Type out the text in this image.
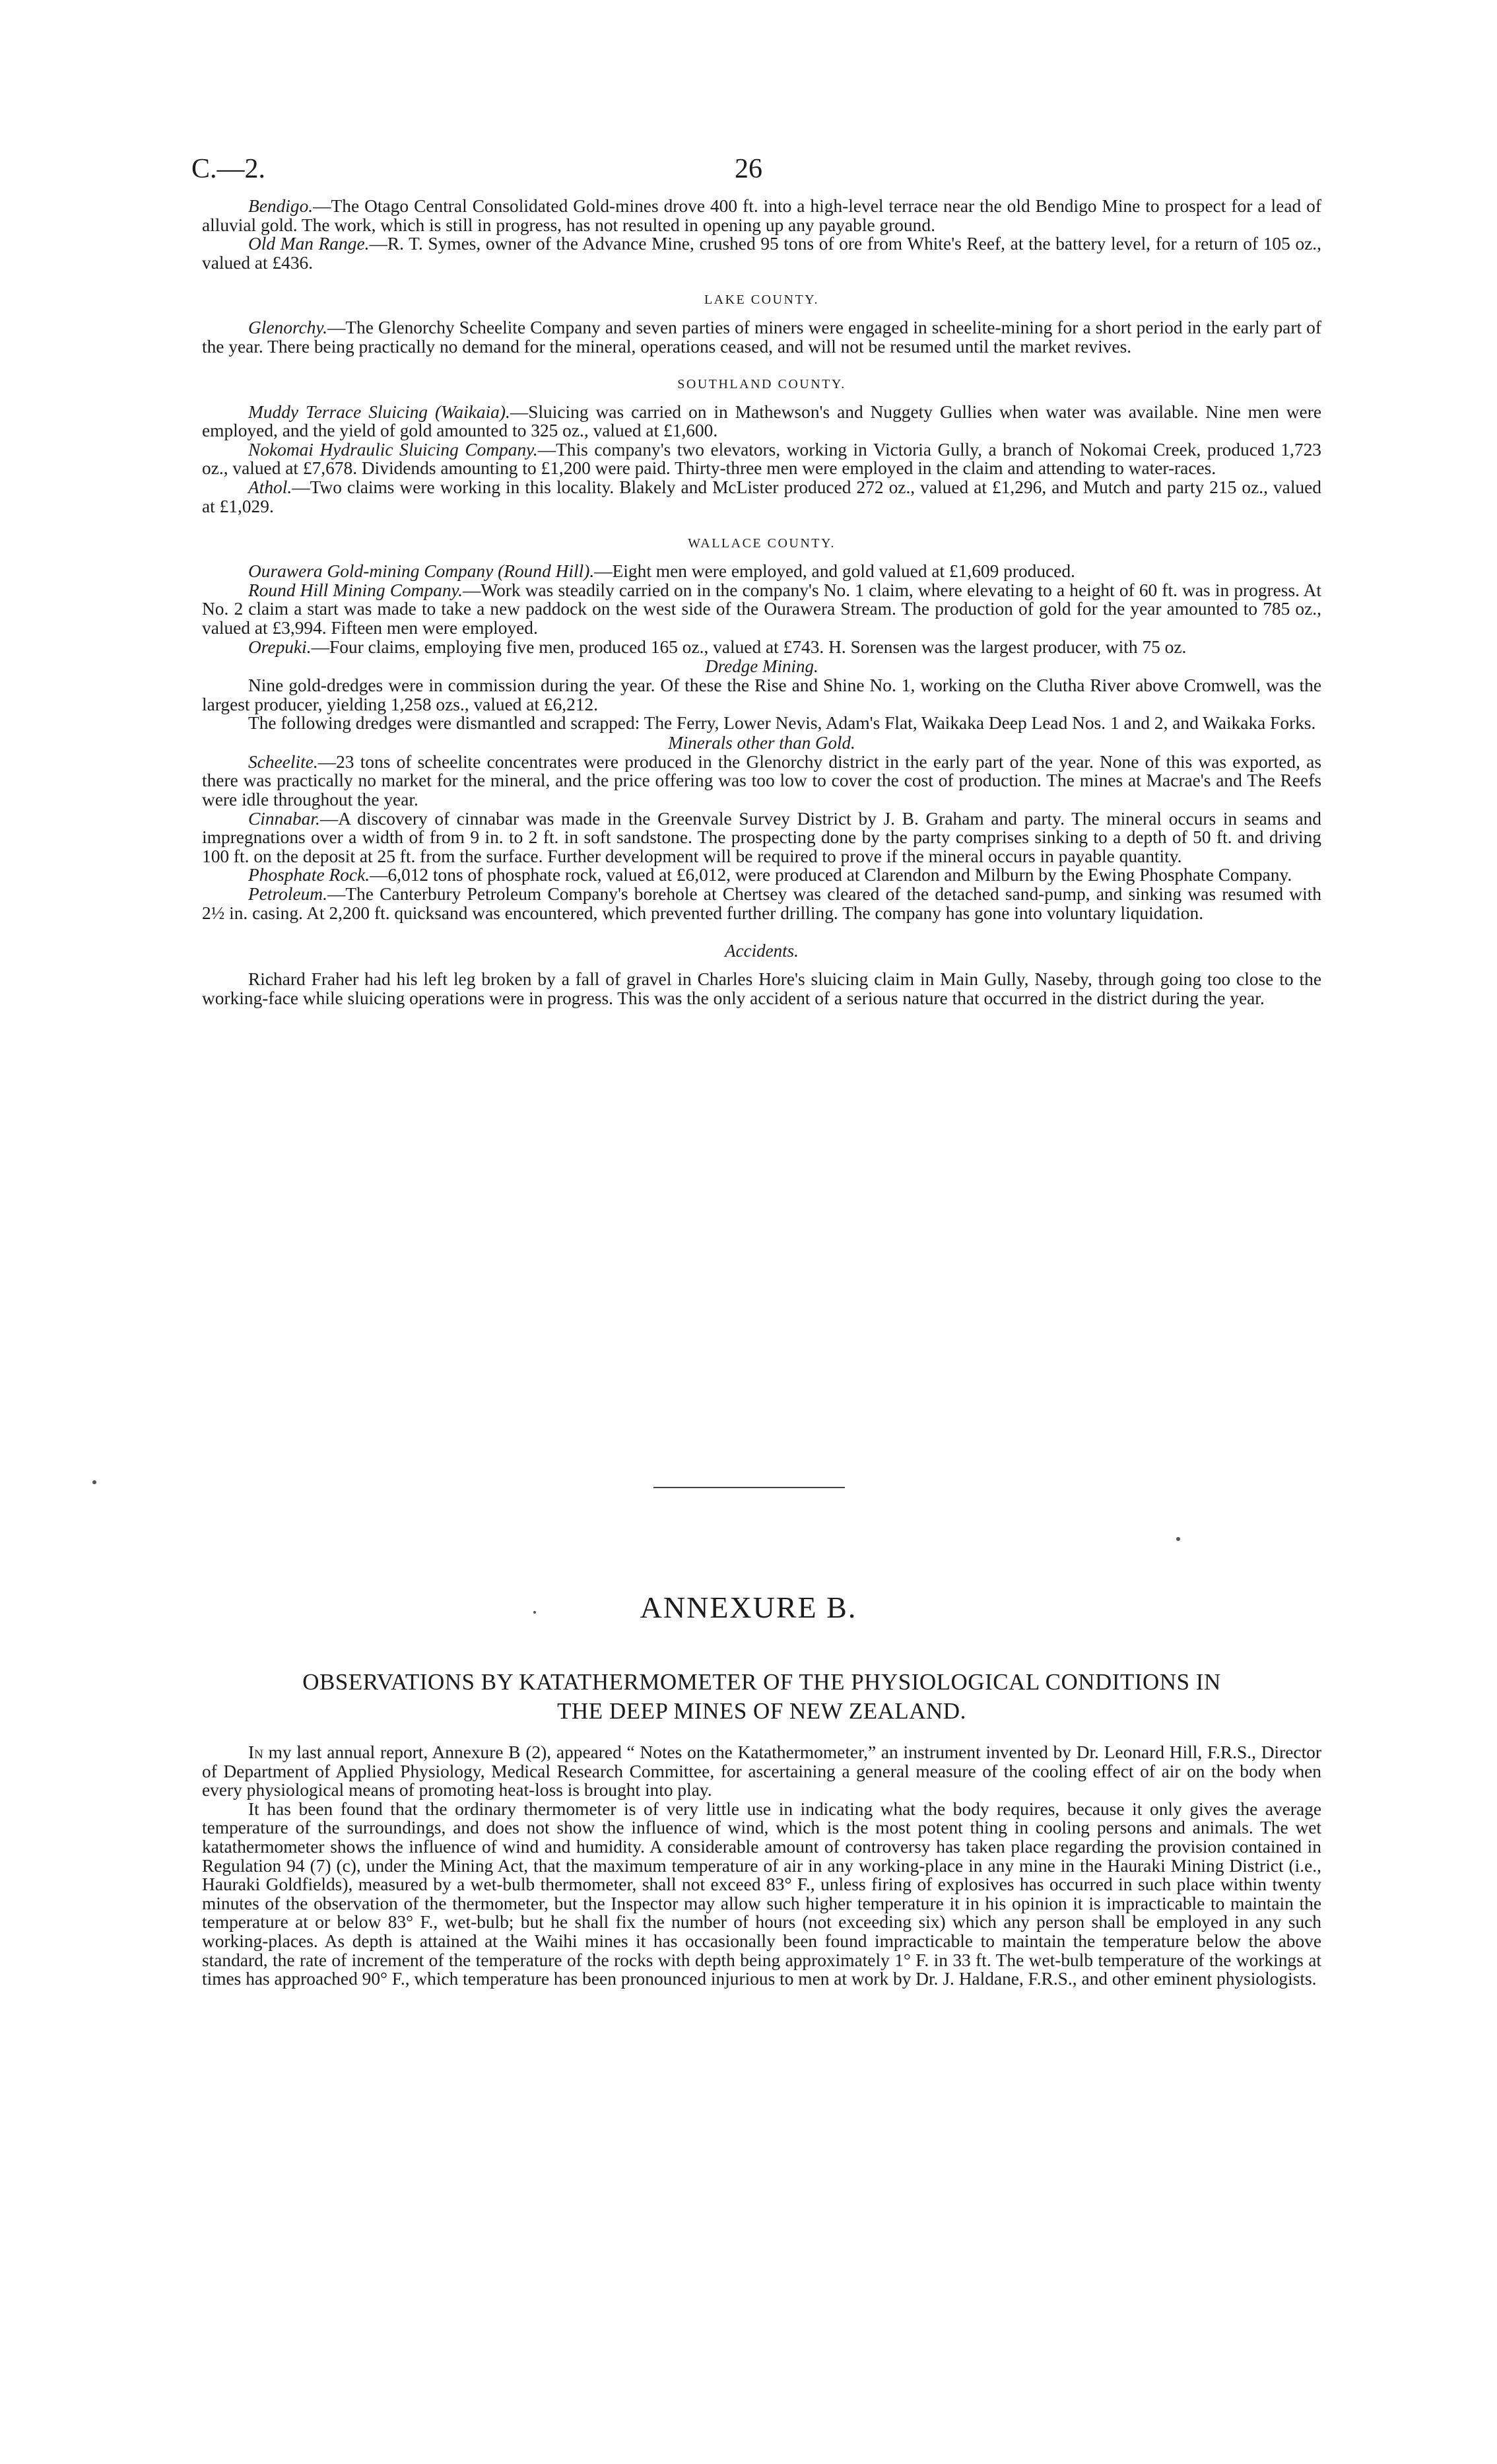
C.—2.	26

Bendigo.—The Otago Central Consolidated Gold-mines drove 400 ft. into a high-level terrace near the old Bendigo Mine to prospect for a lead of alluvial gold. The work, which is still in progress, has not resulted in opening up any payable ground.

Old Man Range.—R. T. Symes, owner of the Advance Mine, crushed 95 tons of ore from White's Reef, at the battery level, for a return of 105 oz., valued at £436.

LAKE COUNTY.

Glenorchy.—The Glenorchy Scheelite Company and seven parties of miners were engaged in scheelite-mining for a short period in the early part of the year. There being practically no demand for the mineral, operations ceased, and will not be resumed until the market revives.

SOUTHLAND COUNTY.

Muddy Terrace Sluicing (Waikaia).—Sluicing was carried on in Mathewson's and Nuggety Gullies when water was available. Nine men were employed, and the yield of gold amounted to 325 oz., valued at £1,600.

Nokomai Hydraulic Sluicing Company.—This company's two elevators, working in Victoria Gully, a branch of Nokomai Creek, produced 1,723 oz., valued at £7,678. Dividends amounting to £1,200 were paid. Thirty-three men were employed in the claim and attending to water-races.

Athol.—Two claims were working in this locality. Blakely and McLister produced 272 oz., valued at £1,296, and Mutch and party 215 oz., valued at £1,029.

WALLACE COUNTY.

Ourawera Gold-mining Company (Round Hill).—Eight men were employed, and gold valued at £1,609 produced.

Round Hill Mining Company.—Work was steadily carried on in the company's No. 1 claim, where elevating to a height of 60 ft. was in progress. At No. 2 claim a start was made to take a new paddock on the west side of the Ourawera Stream. The production of gold for the year amounted to 785 oz., valued at £3,994. Fifteen men were employed.

Orepuki.—Four claims, employing five men, produced 165 oz., valued at £743. H. Sorensen was the largest producer, with 75 oz.

Dredge Mining.

Nine gold-dredges were in commission during the year. Of these the Rise and Shine No. 1, working on the Clutha River above Cromwell, was the largest producer, yielding 1,258 ozs., valued at £6,212.

The following dredges were dismantled and scrapped: The Ferry, Lower Nevis, Adam's Flat, Waikaka Deep Lead Nos. 1 and 2, and Waikaka Forks.

Minerals other than Gold.

Scheelite.—23 tons of scheelite concentrates were produced in the Glenorchy district in the early part of the year. None of this was exported, as there was practically no market for the mineral, and the price offering was too low to cover the cost of production. The mines at Macrae's and The Reefs were idle throughout the year.

Cinnabar.—A discovery of cinnabar was made in the Greenvale Survey District by J. B. Graham and party. The mineral occurs in seams and impregnations over a width of from 9 in. to 2 ft. in soft sandstone. The prospecting done by the party comprises sinking to a depth of 50 ft. and driving 100 ft. on the deposit at 25 ft. from the surface. Further development will be required to prove if the mineral occurs in payable quantity.

Phosphate Rock.—6,012 tons of phosphate rock, valued at £6,012, were produced at Clarendon and Milburn by the Ewing Phosphate Company.

Petroleum.—The Canterbury Petroleum Company's borehole at Chertsey was cleared of the detached sand-pump, and sinking was resumed with 2½ in. casing. At 2,200 ft. quicksand was encountered, which prevented further drilling. The company has gone into voluntary liquidation.

Accidents.

Richard Fraher had his left leg broken by a fall of gravel in Charles Hore's sluicing claim in Main Gully, Naseby, through going too close to the working-face while sluicing operations were in progress. This was the only accident of a serious nature that occurred in the district during the year.

ANNEXURE B.
OBSERVATIONS BY KATATHERMOMETER OF THE PHYSIOLOGICAL CONDITIONS IN
THE DEEP MINES OF NEW ZEALAND.

In my last annual report, Annexure B (2), appeared “ Notes on the Katathermometer,” an instrument invented by Dr. Leonard Hill, F.R.S., Director of Department of Applied Physiology, Medical Research Committee, for ascertaining a general measure of the cooling effect of air on the body when every physiological means of promoting heat-loss is brought into play.

It has been found that the ordinary thermometer is of very little use in indicating what the body requires, because it only gives the average temperature of the surroundings, and does not show the influence of wind, which is the most potent thing in cooling persons and animals. The wet katathermometer shows the influence of wind and humidity. A considerable amount of controversy has taken place regarding the provision contained in Regulation 94 (7) (c), under the Mining Act, that the maximum temperature of air in any working-place in any mine in the Hauraki Mining District (i.e., Hauraki Goldfields), measured by a wet-bulb thermometer, shall not exceed 83° F., unless firing of explosives has occurred in such place within twenty minutes of the observation of the thermometer, but the Inspector may allow such higher temperature it in his opinion it is impracticable to maintain the temperature at or below 83° F., wet-bulb; but he shall fix the number of hours (not exceeding six) which any person shall be employed in any such working-places. As depth is attained at the Waihi mines it has occasionally been found impracticable to maintain the temperature below the above standard, the rate of increment of the temperature of the rocks with depth being approximately 1° F. in 33 ft. The wet-bulb temperature of the workings at times has approached 90° F., which temperature has been pronounced injurious to men at work by Dr. J. Haldane, F.R.S., and other eminent physiologists.
